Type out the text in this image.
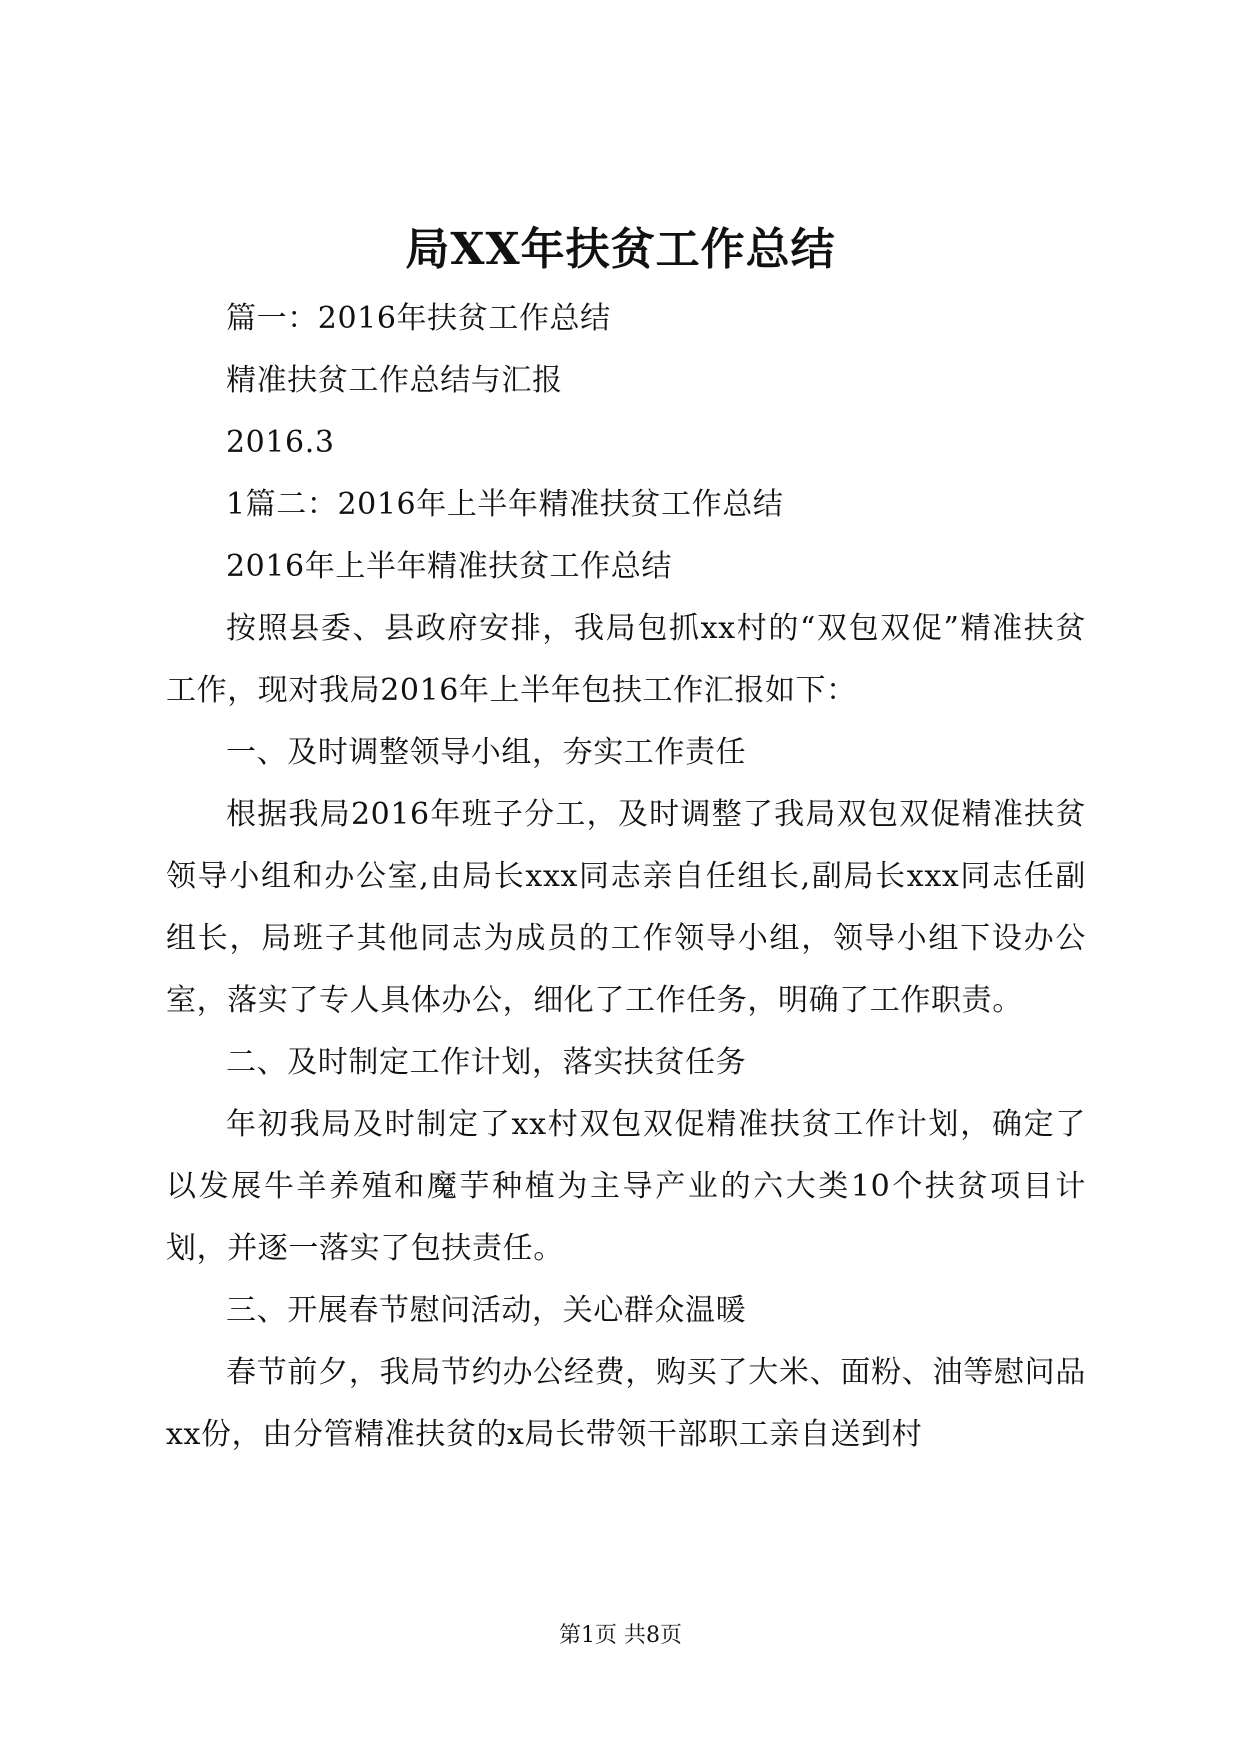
局XX年扶贫工作总结

篇一：2016年扶贫工作总结

精准扶贫工作总结与汇报

2016.3

1篇二：2016年上半年精准扶贫工作总结

2016年上半年精准扶贫工作总结

按照县委、县政府安排，我局包抓xx村的“双包双促”精准扶贫工作，现对我局2016年上半年包扶工作汇报如下：

一、及时调整领导小组，夯实工作责任

根据我局2016年班子分工，及时调整了我局双包双促精准扶贫领导小组和办公室,由局长xxx同志亲自任组长,副局长xxx同志任副组长，局班子其他同志为成员的工作领导小组，领导小组下设办公室，落实了专人具体办公，细化了工作任务，明确了工作职责。

二、及时制定工作计划，落实扶贫任务

年初我局及时制定了xx村双包双促精准扶贫工作计划，确定了以发展牛羊养殖和魔芋种植为主导产业的六大类10个扶贫项目计划，并逐一落实了包扶责任。

三、开展春节慰问活动，关心群众温暖

春节前夕，我局节约办公经费，购买了大米、面粉、油等慰问品xx份，由分管精准扶贫的x局长带领干部职工亲自送到村

第1页 共8页
